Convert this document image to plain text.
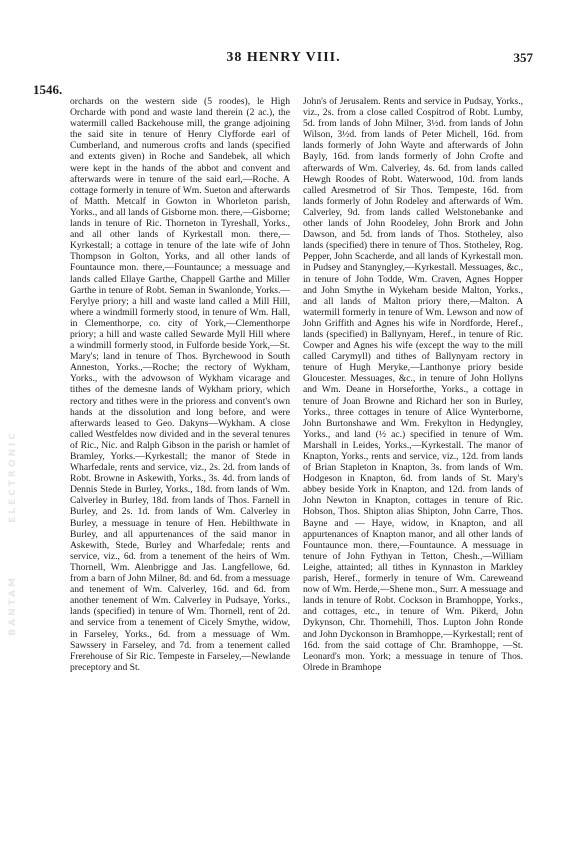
38 HENRY VIII.	357
1546.
ELECTRONIC
BANTAM
orchards on the western side (5 roodes), le High Orcharde with pond and waste land therein (2 ac.), the watermill called Backehouse mill, the grange adjoining the said site in tenure of Henry Clyfforde earl of Cumberland, and numerous crofts and lands (specified and extents given) in Roche and Sandebek, all which were kept in the hands of the abbot and convent and afterwards were in tenure of the said earl,—Roche. A cottage formerly in tenure of Wm. Sueton and afterwards of Matth. Metcalf in Gowton in Whorleton parish, Yorks., and all lands of Gisborne mon. there,—Gisborne; lands in tenure of Ric. Thorneton in Tyreshall, Yorks., and all other lands of Kyrkestall mon. there,—Kyrkestall; a cottage in tenure of the late wife of John Thompson in Golton, Yorks, and all other lands of Fountaunce mon. there,—Fountaunce; a messuage and lands called Ellaye Garthe, Chappell Garthe and Miller Garthe in tenure of Robt. Seman in Swanlonde, Yorks.—Ferylye priory; a hill and waste land called a Mill Hill, where a windmill formerly stood, in tenure of Wm. Hall, in Clementhorpe, co. city of York,—Clementhorpe priory; a hill and waste called Sewarde Myll Hill where a windmill formerly stood, in Fulforde beside York,—St. Mary's; land in tenure of Thos. Byrchewood in South Anneston, Yorks.,—Roche; the rectory of Wykham, Yorks., with the advowson of Wykham vicarage and tithes of the demesne lands of Wykham priory, which rectory and tithes were in the prioress and convent's own hands at the dissolution and long before, and were afterwards leased to Geo. Dakyns—Wykham. A close called Westfeldes now divided and in the several tenures of Ric., Nic. and Ralph Gibson in the parish or hamlet of Bramley, Yorks.—Kyrkestall; the manor of Stede in Wharfedale, rents and service, viz., 2s. 2d. from lands of Robt. Browne in Askewith, Yorks., 3s. 4d. from lands of Dennis Stede in Burley, Yorks., 18d. from lands of Wm. Calverley in Burley, 18d. from lands of Thos. Farnell in Burley, and 2s. 1d. from lands of Wm. Calverley in Burley, a messuage in tenure of Hen. Hebilthwate in Burley, and all appurtenances of the said manor in Askewith, Stede, Burley and Wharfedale; rents and service, viz., 6d. from a tenement of the heirs of Wm. Thornell, Wm. Alenbrigge and Jas. Langfellowe, 6d. from a barn of John Milner, 8d. and 6d. from a messuage and tenement of Wm. Calverley, 16d. and 6d. from another tenement of Wm. Calverley in Pudsaye, Yorks., lands (specified) in tenure of Wm. Thornell, rent of 2d. and service from a tenement of Cicely Smythe, widow, in Farseley, Yorks., 6d. from a messuage of Wm. Sawssery in Farseley, and 7d. from a tenement called Frerehouse of Sir Ric. Tempeste in Farseley,—Newlande preceptory and St.
John's of Jerusalem. Rents and service in Pudsay, Yorks., viz., 2s. from a close called Cospitrod of Robt. Lumby, 5d. from lands of John Milner, 3½d. from lands of John Wilson, 3½d. from lands of Peter Michell, 16d. from lands formerly of John Wayte and afterwards of John Bayly, 16d. from lands formerly of John Crofte and afterwards of Wm. Calverley, 4s. 6d. from lands called Hewgh Roodes of Robt. Waterwood, 10d. from lands called Aresmetrod of Sir Thos. Tempeste, 16d. from lands formerly of John Rodeley and afterwards of Wm. Calverley, 9d. from lands called Welstonebanke and other lands of John Roodeley, John Brork and John Dawson, and 5d. from lands of Thos. Stotheley, also lands (specified) there in tenure of Thos. Stotheley, Rog. Pepper, John Scacherde, and all lands of Kyrkestall mon. in Pudsey and Stanyngley,—Kyrkestall. Messuages, &c., in tenure of John Todde, Wm. Craven, Agnes Hopper and John Smythe in Wykeham beside Malton, Yorks., and all lands of Malton priory there,—Malton. A watermill formerly in tenure of Wm. Lewson and now of John Griffith and Agnes his wife in Nordforde, Heref., lands (specified) in Ballynyam, Heref., in tenure of Ric. Cowper and Agnes his wife (except the way to the mill called Carymyll) and tithes of Ballynyam rectory in tenure of Hugh Meryke,—Lanthonye priory beside Gloucester. Messuages, &c., in tenure of John Hollyns and Wm. Deane in Horseforthe, Yorks., a cottage in tenure of Joan Browne and Richard her son in Burley, Yorks., three cottages in tenure of Alice Wynterborne, John Burtonshawe and Wm. Frekylton in Hedyngley, Yorks., and land (½ ac.) specified in tenure of Wm. Marshall in Leides, Yorks.,—Kyrkestall. The manor of Knapton, Yorks., rents and service, viz., 12d. from lands of Brian Stapleton in Knapton, 3s. from lands of Wm. Hodgeson in Knapton, 6d. from lands of St. Mary's abbey beside York in Knapton, and 12d. from lands of John Newton in Knapton, cottages in tenure of Ric. Hobson, Thos. Shipton alias Shipton, John Carre, Thos. Bayne and — Haye, widow, in Knapton, and all appurtenances of Knapton manor, and all other lands of Fountaunce mon. there,—Fountaunce. A messuage in tenure of John Fythyan in Tetton, Chesh.,—William Leighe, attainted; all tithes in Kynnaston in Markley parish, Heref., formerly in tenure of Wm. Careweand now of Wm. Herde,—Shene mon., Surr. A messuage and lands in tenure of Robt. Cockson in Bramhoppe, Yorks., and cottages, etc., in tenure of Wm. Pikerd, John Dykynson, Chr. Thornehill, Thos. Lupton John Ronde and John Dyckonson in Bramhoppe,—Kyrkestall; rent of 16d. from the said cottage of Chr. Bramhoppe, —St. Leonard's mon. York; a messuage in tenure of Thos. Olrede in Bramhope
